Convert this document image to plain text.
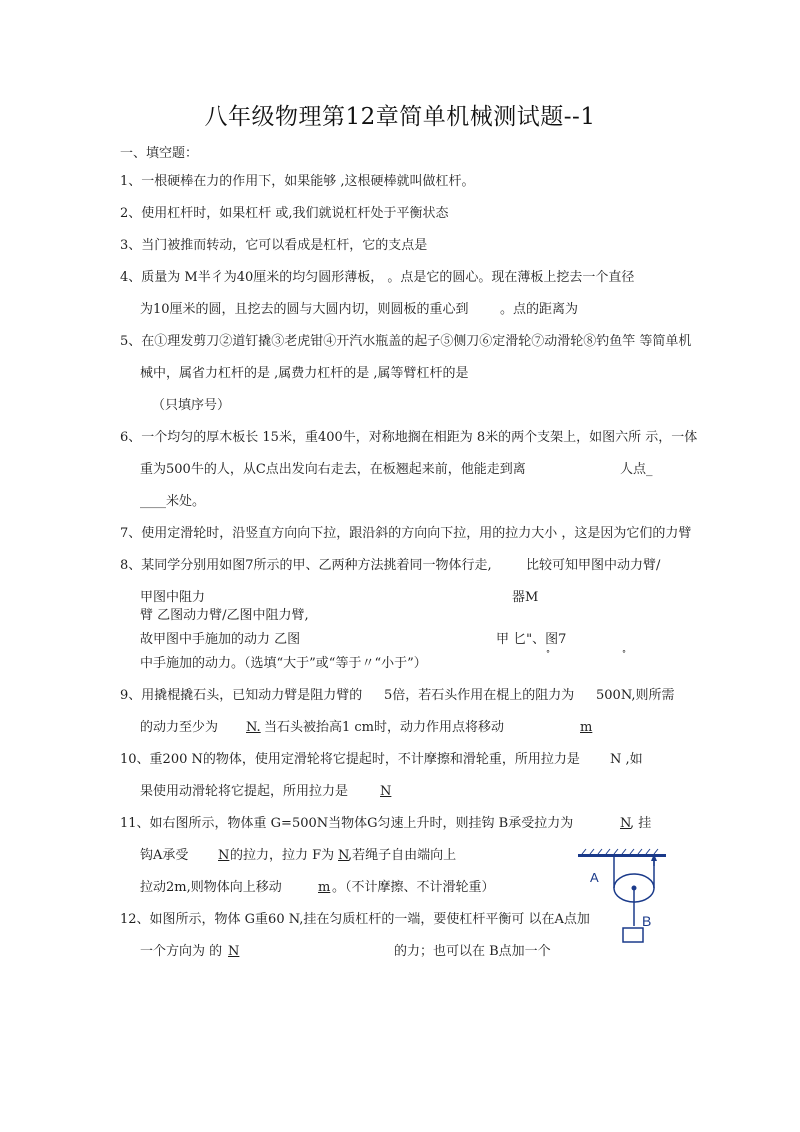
八年级物理第12章简单机械测试题--1
一、填空题：
1、一根硬棒在力的作用下，如果能够 ,这根硬棒就叫做杠杆。
2、使用杠杆时，如果杠杆 或,我们就说杠杆处于平衡状态
3、当门被推而转动，它可以看成是杠杆，它的支点是
4、质量为 M半彳为40厘米的均匀圆形薄板， 。点是它的圆心。现在薄板上挖去一个直径
为10厘米的圆，且挖去的圆与大圆内切，则圆板的重心到 。点的距离为
5、在①理发剪刀②道钉撬③老虎钳④开汽水瓶盖的起子⑤侧刀⑥定滑轮⑦动滑轮⑧钓鱼竿 等简单机
械中，属省力杠杆的是 ,属费力杠杆的是 ,属等臂杠杆的是
（只填序号）
6、一个均匀的厚木板长 15米，重400牛，对称地搁在相距为 8米的两个支架上，如图六所 示，一体
重为500牛的人，从C点出发向右走去，在板翘起来前，他能走到离	人点_
____米处。
7、使用定滑轮时，沿竖直方向向下拉，跟沿斜的方向向下拉，用的拉力大小 ，这是因为它们的力臂
8、某同学分别用如图7所示的甲、乙两种方法挑着同一物体行走,	比较可知甲图中动力臂/
甲图中阻力	器M
臂 乙图动力臂/乙图中阻力臂,
故甲图中手施加的动力 乙图	甲 匕"、图7
°	°
中手施加的动力。（选填“大于”或“等于〃“小于”）
9、用撬棍撬石头，已知动力臂是阻力臂的 5倍，若石头作用在棍上的阻力为 500N,则所需
的动力至少为 N. 当石头被抬高1 cm时，动力作用点将移动	m
10、重200 N的物体，使用定滑轮将它提起时，不计摩擦和滑轮重，所用拉力是 N ,如
果使用动滑轮将它提起，所用拉力是 N
11、如右图所示，物体重 G=500N当物体G匀速上升时，则挂钩 B承受拉力为	N
, 挂
钩A承受 N 的拉力，拉力 F为 N
,若绳子自由端向上
拉动2m,则物体向上移动	m 。（不计摩擦、不计滑轮重）
12、如图所示，物体 G重60 N,挂在匀质杠杆的一端，要使杠杆平衡可 以在A点加
一个方向为 的 N	的力；也可以在 B点加一个
A
B
